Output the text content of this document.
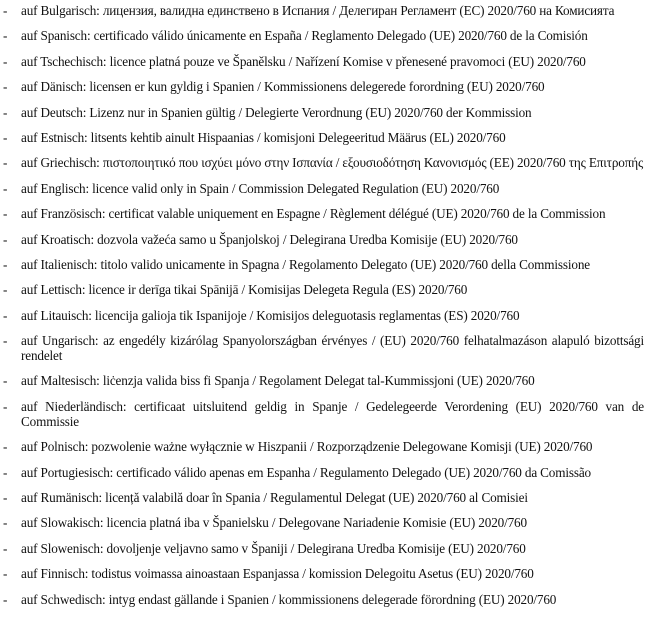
- auf Bulgarisch: лицензия, валидна единствено в Испания / Делегиран Регламент (ЕС) 2020/760 на Комисията
- auf Spanisch: certificado válido únicamente en España / Reglamento Delegado (UE) 2020/760 de la Comisión
- auf Tschechisch: licence platná pouze ve Španělsku / Nařízení Komise v přenesené pravomoci (EU) 2020/760
- auf Dänisch: licensen er kun gyldig i Spanien / Kommissionens delegerede forordning (EU) 2020/760
- auf Deutsch: Lizenz nur in Spanien gültig / Delegierte Verordnung (EU) 2020/760 der Kommission
- auf Estnisch: litsents kehtib ainult Hispaanias / komisjoni Delegeeritud Määrus (EL) 2020/760
- auf Griechisch: πιστοποιητικό που ισχύει μόνο στην Ισπανία / εξουσιοδότηση Κανονισμός (ΕΕ) 2020/760 της Επιτροπής
- auf Englisch: licence valid only in Spain / Commission Delegated Regulation (EU) 2020/760
- auf Französisch: certificat valable uniquement en Espagne / Règlement délégué (UE) 2020/760 de la Commission
- auf Kroatisch: dozvola važeća samo u Španjolskoj / Delegirana Uredba Komisije (EU) 2020/760
- auf Italienisch: titolo valido unicamente in Spagna / Regolamento Delegato (UE) 2020/760 della Commissione
- auf Lettisch: licence ir derīga tikai Spānijā / Komisijas Delegeta Regula (ES) 2020/760
- auf Litauisch: licencija galioja tik Ispanijoje / Komisijos deleguotasis reglamentas (ES) 2020/760
- auf Ungarisch: az engedély kizárólag Spanyolországban érvényes / (EU) 2020/760 felhatalmazáson alapuló bizottsági rendelet
- auf Maltesisch: liċenzja valida biss fi Spanja / Regolament Delegat tal-Kummissjoni (UE) 2020/760
- auf Niederländisch: certificaat uitsluitend geldig in Spanje / Gedelegeerde Verordening (EU) 2020/760 van de Commissie
- auf Polnisch: pozwolenie ważne wyłącznie w Hiszpanii / Rozporządzenie Delegowane Komisji (UE) 2020/760
- auf Portugiesisch: certificado válido apenas em Espanha / Regulamento Delegado (UE) 2020/760 da Comissão
- auf Rumänisch: licență valabilă doar în Spania / Regulamentul Delegat (UE) 2020/760 al Comisiei
- auf Slowakisch: licencia platná iba v Španielsku / Delegovane Nariadenie Komisie (EU) 2020/760
- auf Slowenisch: dovoljenje veljavno samo v Španiji / Delegirana Uredba Komisije (EU) 2020/760
- auf Finnisch: todistus voimassa ainoastaan Espanjassa / komission Delegoitu Asetus (EU) 2020/760
- auf Schwedisch: intyg endast gällande i Spanien / kommissionens delegerade förordning (EU) 2020/760
